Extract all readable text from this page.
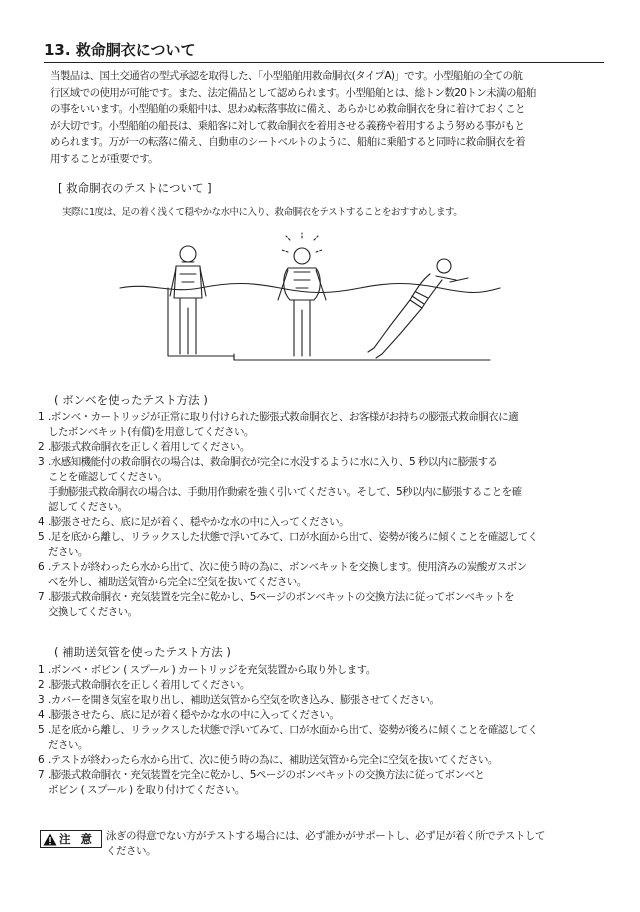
13. 救命胴衣について
当製品は、国土交通省の型式承認を取得した、「小型船舶用救命胴衣(タイプA)」です。小型船舶の全ての航
行区域での使用が可能です。また、法定備品として認められます。小型船舶とは、総トン数20トン未満の船舶
の事をいいます。小型船舶の乗船中は、思わぬ転落事故に備え、あらかじめ救命胴衣を身に着けておくこと
が大切です。小型船舶の船長は、乗船客に対して救命胴衣を着用させる義務や着用するよう努める事がもと
められます。万が一の転落に備え、自動車のシートベルトのように、船舶に乗船すると同時に救命胴衣を着
用することが重要です。
[ 救命胴衣のテストについて ]
実際に1度は、足の着く浅くて穏やかな水中に入り、救命胴衣をテストすることをおすすめします。
( ボンベを使ったテスト方法 )
1 .ボンベ・カートリッジが正常に取り付けられた膨張式救命胴衣と、お客様がお持ちの膨張式救命胴衣に適
したボンベキット(有償)を用意してください。
2 .膨張式救命胴衣を正しく着用してください。
3 .水感知機能付の救命胴衣の場合は、救命胴衣が完全に水没するように水に入り、5 秒以内に膨張する
ことを確認してください。
手動膨張式救命胴衣の場合は、手動用作動索を強く引いてください。そして、5秒以内に膨張することを確
認してください。
4 .膨張させたら、底に足が着く、穏やかな水の中に入ってください。
5 .足を底から離し、リラックスした状態で浮いてみて、口が水面から出て、姿勢が後ろに傾くことを確認してく
ださい。
6 .テストが終わったら水から出て、次に使う時の為に、ボンベキットを交換します。使用済みの炭酸ガスボン
べを外し、補助送気管から完全に空気を抜いてください。
7 .膨張式救命胴衣・充気装置を完全に乾かし、5ページのボンベキットの交換方法に従ってボンベキットを
交換してください。
( 補助送気管を使ったテスト方法 )
1 .ボンベ・ボビン ( スプール ) カートリッジを充気装置から取り外します。
2 .膨張式救命胴衣を正しく着用してください。
3 .カバーを開き気室を取り出し、補助送気管から空気を吹き込み、膨張させてください。
4 .膨張させたら、底に足が着く穏やかな水の中に入ってください。
5 .足を底から離し、リラックスした状態で浮いてみて、口が水面から出て、姿勢が後ろに傾くことを確認してく
ださい。
6 .テストが終わったら水から出て、次に使う時の為に、補助送気管から完全に空気を抜いてください。
7 .膨張式救命胴衣・充気装置を完全に乾かし、5ページのボンベキットの交換方法に従ってボンベと
ボビン ( スプール ) を取り付けてください。
注 意 泳ぎの得意でない方がテストする場合には、必ず誰かがサポートし、必ず足が着く所でテストして
ください。
